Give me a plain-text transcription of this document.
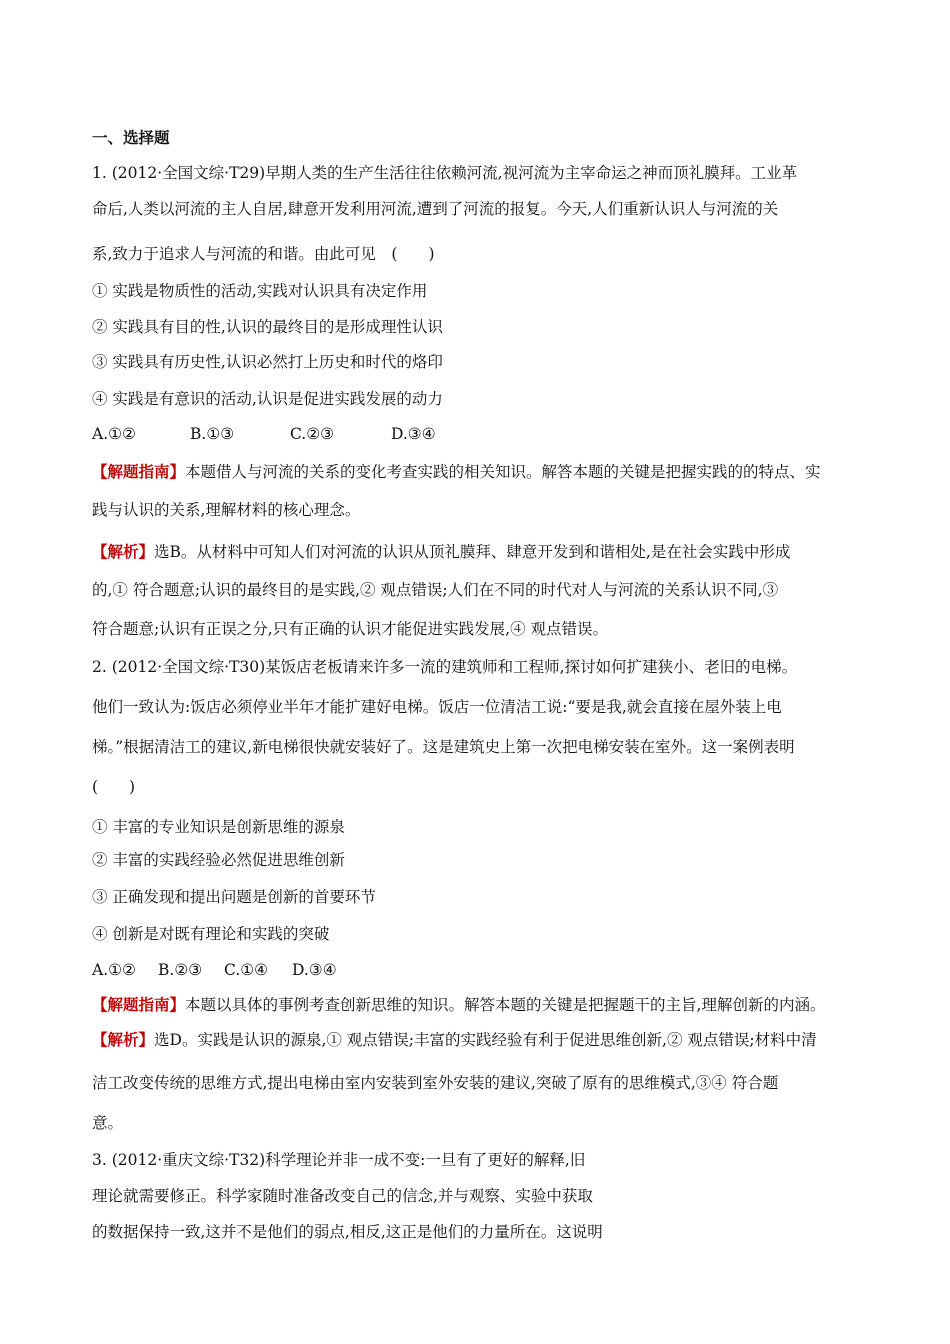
一、选择题
1. (2012·全国文综·T29)早期人类的生产生活往往依赖河流,视河流为主宰命运之神而顶礼膜拜。工业革
命后,人类以河流的主人自居,肆意开发利用河流,遭到了河流的报复。今天,人们重新认识人与河流的关
系,致力于追求人与河流的和谐。由此可见　(　　)
① 实践是物质性的活动,实践对认识具有决定作用
② 实践具有目的性,认识的最终目的是形成理性认识
③ 实践具有历史性,认识必然打上历史和时代的烙印
④ 实践是有意识的活动,认识是促进实践发展的动力
A.①②	B.①③	C.②③	D.③④
【解题指南】本题借人与河流的关系的变化考查实践的相关知识。解答本题的关键是把握实践的的特点、实
践与认识的关系,理解材料的核心理念。
【解析】选B。从材料中可知人们对河流的认识从顶礼膜拜、肆意开发到和谐相处,是在社会实践中形成
的,① 符合题意;认识的最终目的是实践,② 观点错误;人们在不同的时代对人与河流的关系认识不同,③
符合题意;认识有正误之分,只有正确的认识才能促进实践发展,④ 观点错误。
2. (2012·全国文综·T30)某饭店老板请来许多一流的建筑师和工程师,探讨如何扩建狭小、老旧的电梯。
他们一致认为:饭店必须停业半年才能扩建好电梯。饭店一位清洁工说:“要是我,就会直接在屋外装上电
梯。”根据清洁工的建议,新电梯很快就安装好了。这是建筑史上第一次把电梯安装在室外。这一案例表明
(　　)
① 丰富的专业知识是创新思维的源泉
② 丰富的实践经验必然促进思维创新
③ 正确发现和提出问题是创新的首要环节
④ 创新是对既有理论和实践的突破
A.①② B.②③ C.①④ D.③④
【解题指南】本题以具体的事例考查创新思维的知识。解答本题的关键是把握题干的主旨,理解创新的内涵。
【解析】选D。实践是认识的源泉,① 观点错误;丰富的实践经验有利于促进思维创新,② 观点错误;材料中清
洁工改变传统的思维方式,提出电梯由室内安装到室外安装的建议,突破了原有的思维模式,③④ 符合题
意。
3. (2012·重庆文综·T32)科学理论并非一成不变:一旦有了更好的解释,旧
理论就需要修正。科学家随时准备改变自己的信念,并与观察、实验中获取
的数据保持一致,这并不是他们的弱点,相反,这正是他们的力量所在。这说明
